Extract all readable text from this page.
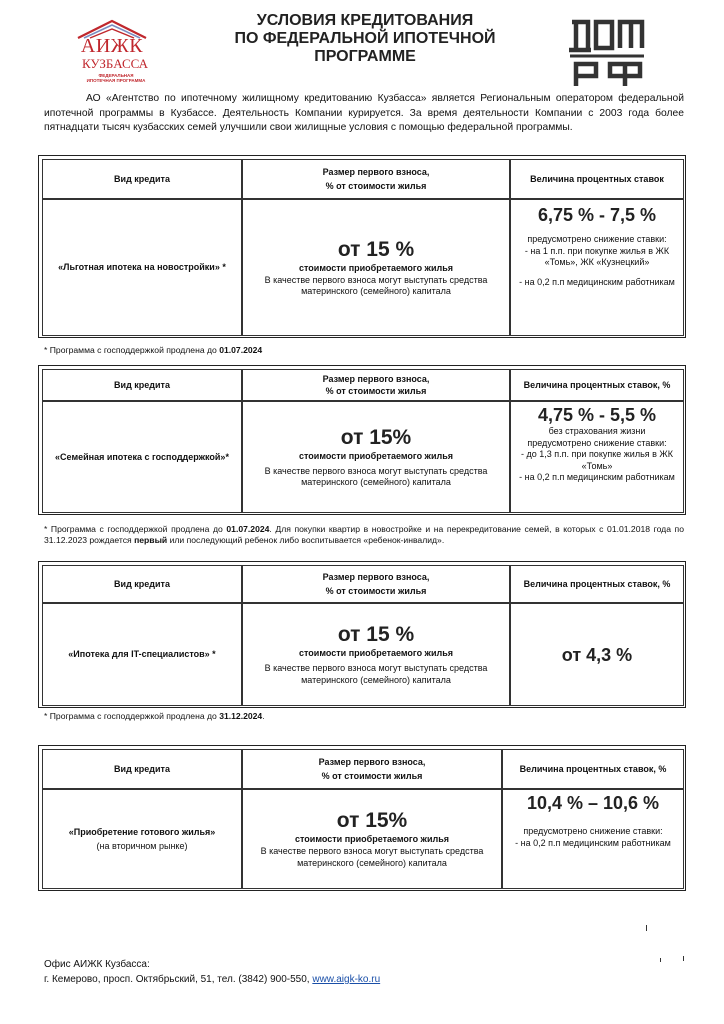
АИЖК
КУЗБАССА
ФЕДЕРАЛЬНАЯ
ИПОТЕЧНАЯ ПРОГРАММА
УСЛОВИЯ КРЕДИТОВАНИЯ
ПО ФЕДЕРАЛЬНОЙ ИПОТЕЧНОЙ
ПРОГРАММЕ
АО «Агентство по ипотечному жилищному кредитованию Кузбасса» является Региональным оператором федеральной ипотечной программы в Кузбассе. Деятельность Компании курируется. За время деятельности Компании с 2003 года более пятнадцати тысяч кузбасских семей улучшили свои жилищные условия с помощью федеральной программы.
Вид кредита
Размер первого взноса,
% от стоимости жилья
Величина процентных ставок
«Льготная ипотека на новостройки» *
от 15 %
стоимости приобретаемого жилья
В качестве первого взноса могут выступать средства материнского (семейного) капитала
6,75 % - 7,5 %
предусмотрено снижение ставки:
- на 1 п.п. при покупке жилья в ЖК «Томь», ЖК «Кузнецкий»
- на 0,2 п.п медицинским работникам
* Программа с господдержкой продлена до 01.07.2024
Вид кредита
Размер первого взноса,
% от стоимости жилья
Величина процентных ставок, %
«Семейная ипотека с господдержкой»*
от 15%
стоимости приобретаемого жилья
В качестве первого взноса могут выступать средства материнского (семейного) капитала
4,75 % - 5,5 %
без страхования жизни
предусмотрено снижение ставки:
- до 1,3 п.п. при покупке жилья в ЖК «Томь»
- на 0,2 п.п медицинским работникам
* Программа с господдержкой продлена до 01.07.2024. Для покупки квартир в новостройке и на перекредитование семей, в которых с 01.01.2018 года по 31.12.2023 рождается первый или последующий ребенок либо воспитывается «ребенок-инвалид».
Вид кредита
Размер первого взноса,
% от стоимости жилья
Величина процентных ставок, %
«Ипотека для IT-специалистов» *
от 15 %
стоимости приобретаемого жилья
В качестве первого взноса могут выступать средства материнского (семейного) капитала
от 4,3 %
* Программа с господдержкой продлена до 31.12.2024.
Вид кредита
Размер первого взноса,
% от стоимости жилья
Величина процентных ставок, %
«Приобретение готового жилья»
(на вторичном рынке)
от 15%
стоимости приобретаемого жилья
В качестве первого взноса могут выступать средства материнского (семейного) капитала
10,4 % – 10,6 %
предусмотрено снижение ставки:
- на 0,2 п.п медицинским работникам
Офис АИЖК Кузбасса:
г. Кемерово, просп. Октябрьский, 51, тел. (3842) 900-550, www.aigk-ko.ru
